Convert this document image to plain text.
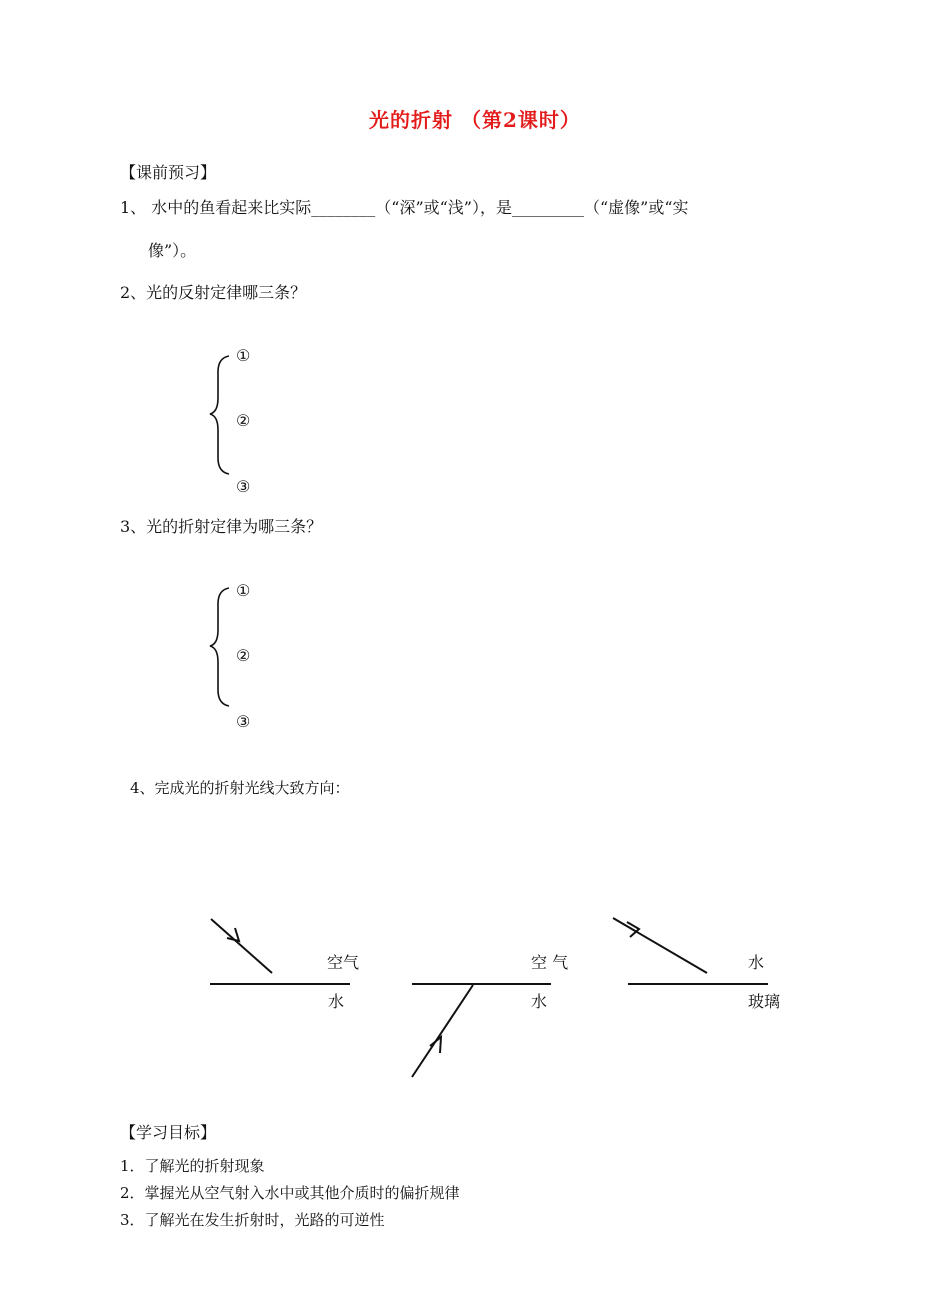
光的折射 （第2课时）
【课前预习】
1、 水中的鱼看起来比实际________（“深”或“浅”），是_________（“虚像”或“实
像”）。
2、光的反射定律哪三条？
①
②
③
3、光的折射定律为哪三条？
①
②
③
4、完成光的折射光线大致方向：
空气
水
空 气
水
水
玻璃
【学习目标】
1．了解光的折射现象
2．掌握光从空气射入水中或其他介质时的偏折规律
3．了解光在发生折射时，光路的可逆性
